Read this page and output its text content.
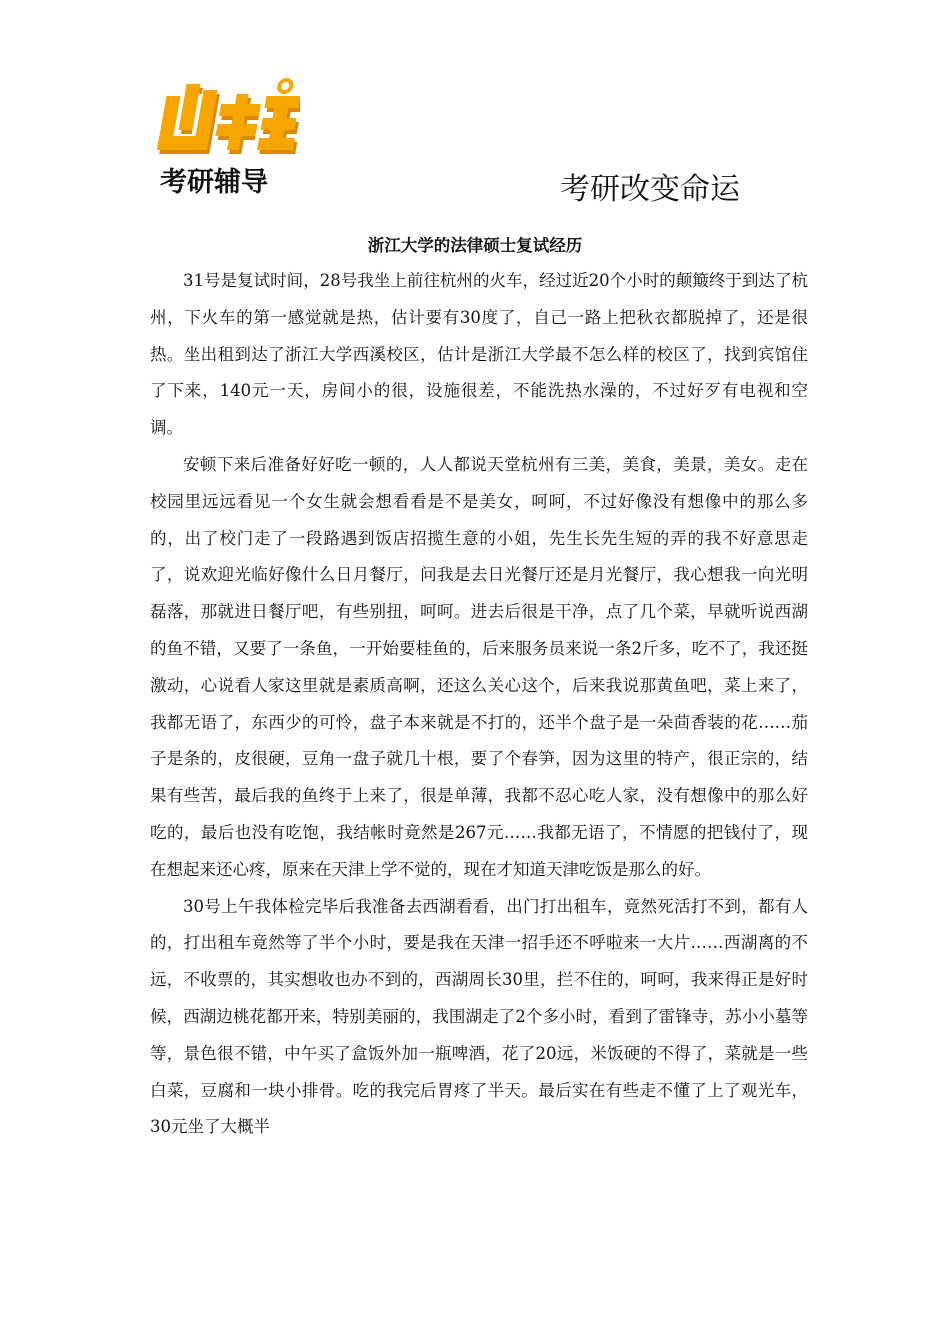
考研辅导	考研改变命运
浙江大学的法律硕士复试经历

31号是复试时间，28号我坐上前往杭州的火车，经过近20个小时的颠簸终于到达了杭州，下火车的第一感觉就是热，估计要有30度了，自己一路上把秋衣都脱掉了，还是很热。坐出租到达了浙江大学西溪校区，估计是浙江大学最不怎么样的校区了，找到宾馆住了下来，140元一天，房间小的很，设施很差，不能洗热水澡的，不过好歹有电视和空调。

安顿下来后准备好好吃一顿的，人人都说天堂杭州有三美，美食，美景，美女。走在校园里远远看见一个女生就会想看看是不是美女，呵呵，不过好像没有想像中的那么多的，出了校门走了一段路遇到饭店招揽生意的小姐，先生长先生短的弄的我不好意思走了，说欢迎光临好像什么日月餐厅，问我是去日光餐厅还是月光餐厅，我心想我一向光明磊落，那就进日餐厅吧，有些别扭，呵呵。进去后很是干净，点了几个菜，早就听说西湖的鱼不错，又要了一条鱼，一开始要桂鱼的，后来服务员来说一条2斤多，吃不了，我还挺激动，心说看人家这里就是素质高啊，还这么关心这个，后来我说那黄鱼吧，菜上来了，我都无语了，东西少的可怜，盘子本来就是不打的，还半个盘子是一朵茴香装的花……茄子是条的，皮很硬，豆角一盘子就几十根，要了个春笋，因为这里的特产，很正宗的，结果有些苦，最后我的鱼终于上来了，很是单薄，我都不忍心吃人家，没有想像中的那么好吃的，最后也没有吃饱，我结帐时竟然是267元……我都无语了，不情愿的把钱付了，现在想起来还心疼，原来在天津上学不觉的，现在才知道天津吃饭是那么的好。

30号上午我体检完毕后我准备去西湖看看，出门打出租车，竟然死活打不到，都有人的，打出租车竟然等了半个小时，要是我在天津一招手还不呼啦来一大片……西湖离的不远，不收票的，其实想收也办不到的，西湖周长30里，拦不住的，呵呵，我来得正是好时候，西湖边桃花都开来，特别美丽的，我围湖走了2个多小时，看到了雷锋寺，苏小小墓等等，景色很不错，中午买了盒饭外加一瓶啤酒，花了20远，米饭硬的不得了，菜就是一些白菜，豆腐和一块小排骨。吃的我完后胃疼了半天。最后实在有些走不懂了上了观光车，30元坐了大概半
